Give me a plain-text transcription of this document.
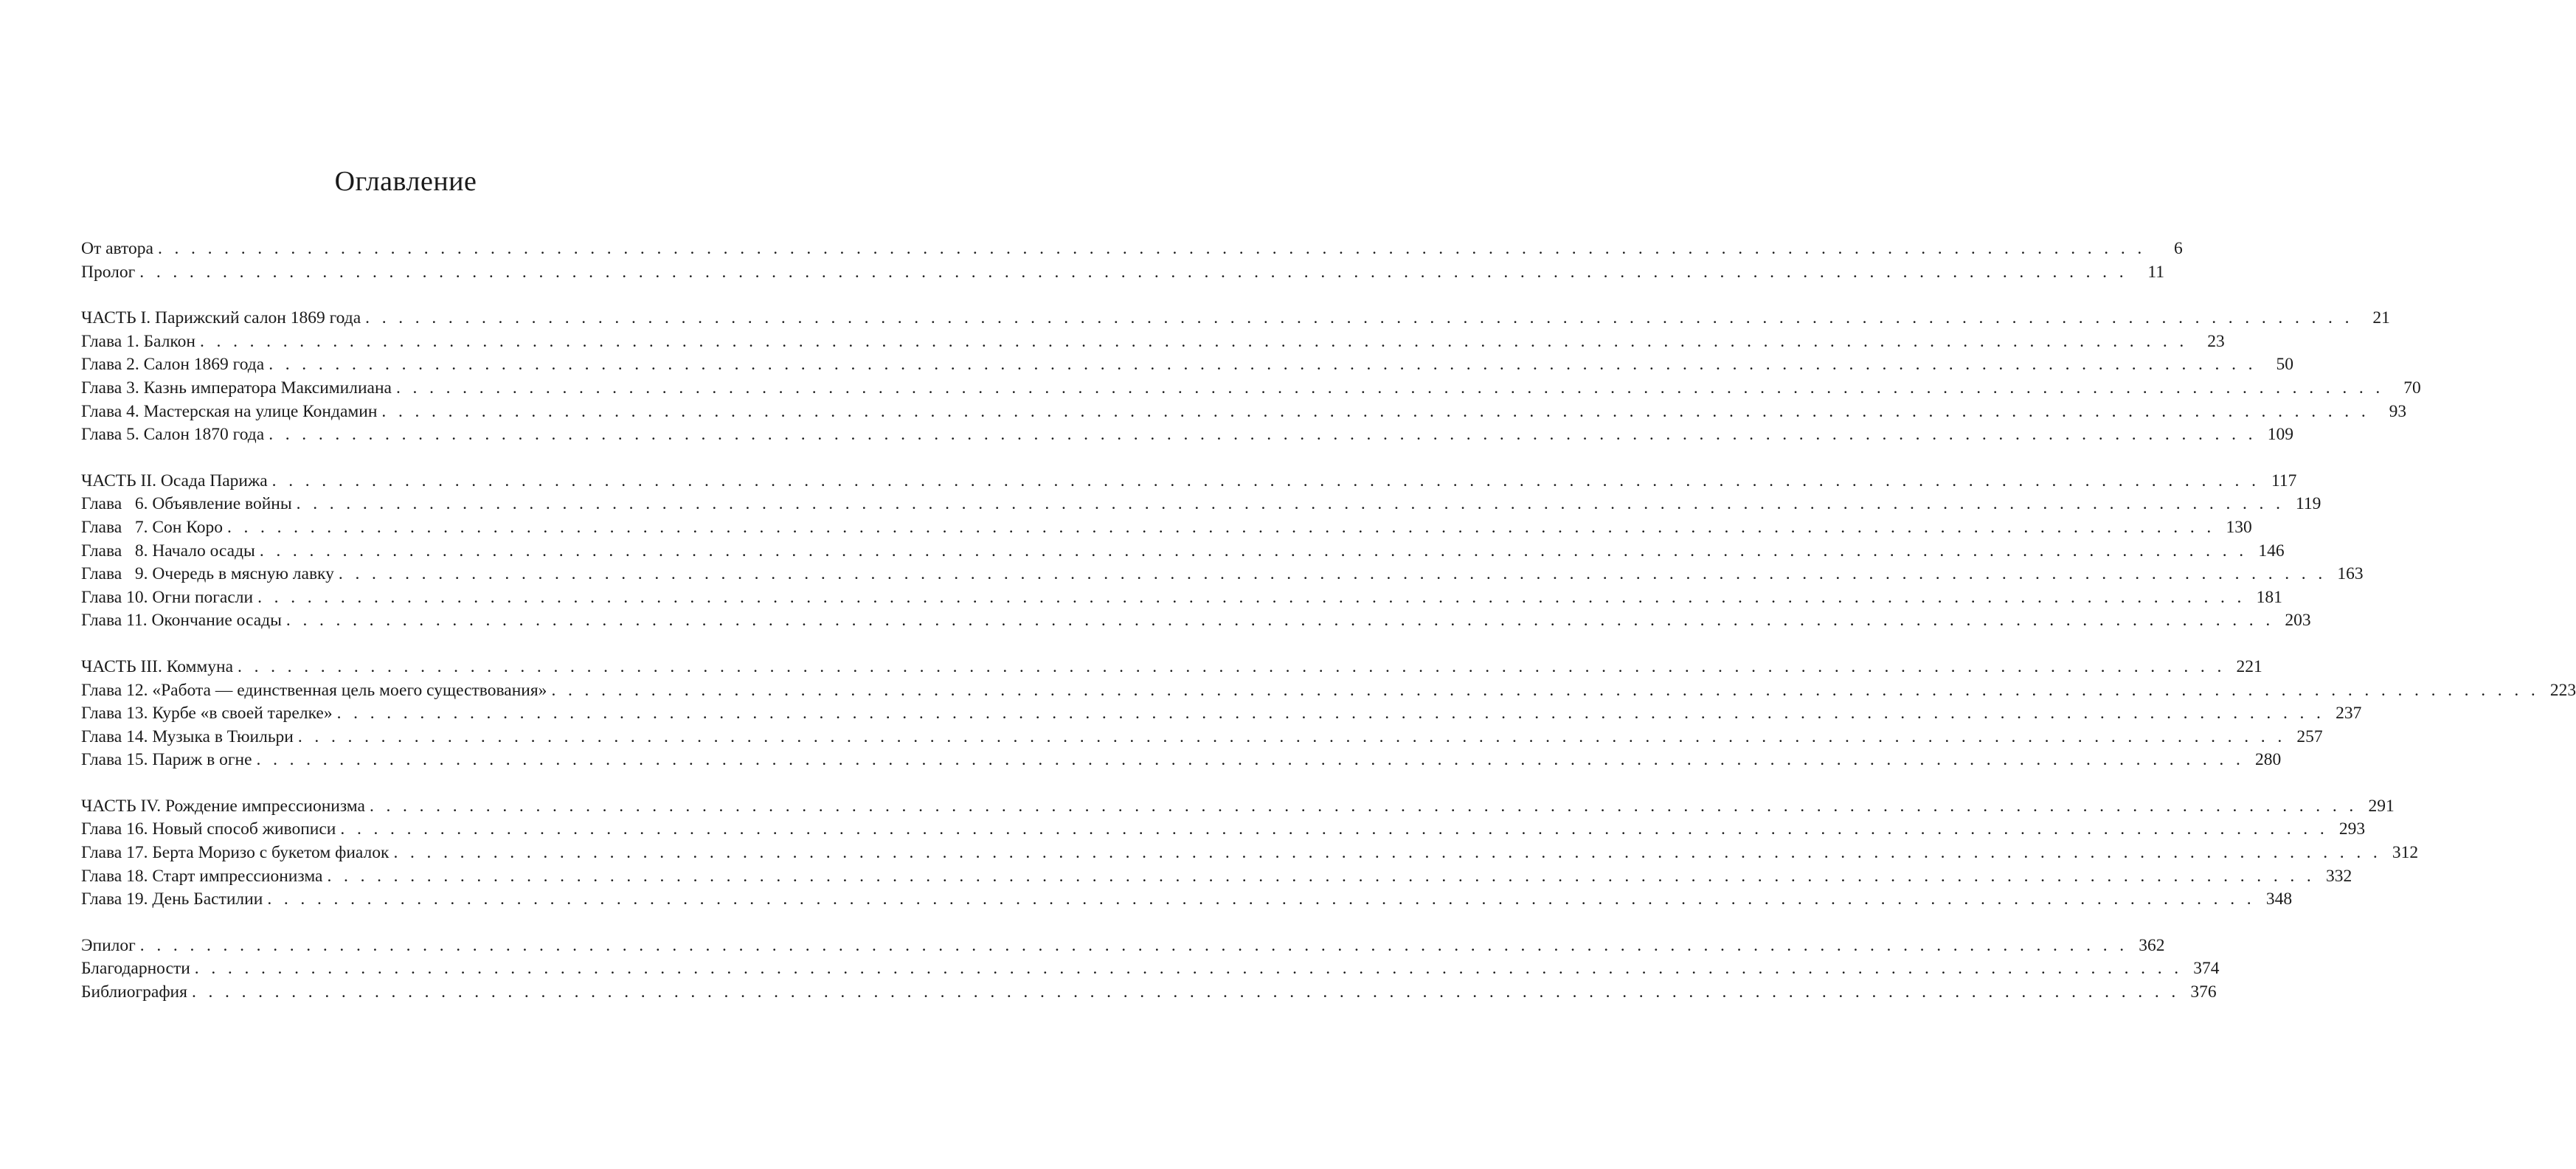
Оглавление
От автора . . . . . . . . . . . . . . . . . . . . . . . . . . . . . . . . . . . . . . . . . . . . . . . . . . . . . . . . . . . . . . . . . . . . . . . . . . . . . . . . . . . . . . . . . . . . . . . . . . . . . . . . . . . . . . . . . . . . . . . .	6
Пролог . . . . . . . . . . . . . . . . . . . . . . . . . . . . . . . . . . . . . . . . . . . . . . . . . . . . . . . . . . . . . . . . . . . . . . . . . . . . . . . . . . . . . . . . . . . . . . . . . . . . . . . . . . . . . . . . . . . . . . . .	11
ЧАСТЬ I. Парижский салон 1869 года . . . . . . . . . . . . . . . . . . . . . . . . . . . . . . . . . . . . . . . . . . . . . . . . . . . . . . . . . . . . . . . . . . . . . . . . . . . . . . . . . . . . . . . . . . . . . . . . . . . . . . . . . . . . . . . . . . . . . . . .	21
Глава 1. Балкон . . . . . . . . . . . . . . . . . . . . . . . . . . . . . . . . . . . . . . . . . . . . . . . . . . . . . . . . . . . . . . . . . . . . . . . . . . . . . . . . . . . . . . . . . . . . . . . . . . . . . . . . . . . . . . . . . . . . . . . .	23
Глава 2. Салон 1869 года . . . . . . . . . . . . . . . . . . . . . . . . . . . . . . . . . . . . . . . . . . . . . . . . . . . . . . . . . . . . . . . . . . . . . . . . . . . . . . . . . . . . . . . . . . . . . . . . . . . . . . . . . . . . . . . . . . . . . . . .	50
Глава 3. Казнь императора Максимилиана . . . . . . . . . . . . . . . . . . . . . . . . . . . . . . . . . . . . . . . . . . . . . . . . . . . . . . . . . . . . . . . . . . . . . . . . . . . . . . . . . . . . . . . . . . . . . . . . . . . . . . . . . . . . . . . . . . . . . . . .	70
Глава 4. Мастерская на улице Кондамин . . . . . . . . . . . . . . . . . . . . . . . . . . . . . . . . . . . . . . . . . . . . . . . . . . . . . . . . . . . . . . . . . . . . . . . . . . . . . . . . . . . . . . . . . . . . . . . . . . . . . . . . . . . . . . . . . . . . . . . .	93
Глава 5. Салон 1870 года . . . . . . . . . . . . . . . . . . . . . . . . . . . . . . . . . . . . . . . . . . . . . . . . . . . . . . . . . . . . . . . . . . . . . . . . . . . . . . . . . . . . . . . . . . . . . . . . . . . . . . . . . . . . . . . . . . . . . . . . 109
ЧАСТЬ II. Осада Парижа . . . . . . . . . . . . . . . . . . . . . . . . . . . . . . . . . . . . . . . . . . . . . . . . . . . . . . . . . . . . . . . . . . . . . . . . . . . . . . . . . . . . . . . . . . . . . . . . . . . . . . . . . . . . . . . . . . . . . . . . 117
Глава   6. Объявление войны . . . . . . . . . . . . . . . . . . . . . . . . . . . . . . . . . . . . . . . . . . . . . . . . . . . . . . . . . . . . . . . . . . . . . . . . . . . . . . . . . . . . . . . . . . . . . . . . . . . . . . . . . . . . . . . . . . . . . . . . 119
Глава   7. Сон Коро . . . . . . . . . . . . . . . . . . . . . . . . . . . . . . . . . . . . . . . . . . . . . . . . . . . . . . . . . . . . . . . . . . . . . . . . . . . . . . . . . . . . . . . . . . . . . . . . . . . . . . . . . . . . . . . . . . . . . . . . 130
Глава   8. Начало осады . . . . . . . . . . . . . . . . . . . . . . . . . . . . . . . . . . . . . . . . . . . . . . . . . . . . . . . . . . . . . . . . . . . . . . . . . . . . . . . . . . . . . . . . . . . . . . . . . . . . . . . . . . . . . . . . . . . . . . . . 146
Глава   9. Очередь в мясную лавку . . . . . . . . . . . . . . . . . . . . . . . . . . . . . . . . . . . . . . . . . . . . . . . . . . . . . . . . . . . . . . . . . . . . . . . . . . . . . . . . . . . . . . . . . . . . . . . . . . . . . . . . . . . . . . . . . . . . . . . . 163
Глава 10. Огни погасли . . . . . . . . . . . . . . . . . . . . . . . . . . . . . . . . . . . . . . . . . . . . . . . . . . . . . . . . . . . . . . . . . . . . . . . . . . . . . . . . . . . . . . . . . . . . . . . . . . . . . . . . . . . . . . . . . . . . . . . . 181
Глава 11. Окончание осады . . . . . . . . . . . . . . . . . . . . . . . . . . . . . . . . . . . . . . . . . . . . . . . . . . . . . . . . . . . . . . . . . . . . . . . . . . . . . . . . . . . . . . . . . . . . . . . . . . . . . . . . . . . . . . . . . . . . . . . . 203
ЧАСТЬ III. Коммуна . . . . . . . . . . . . . . . . . . . . . . . . . . . . . . . . . . . . . . . . . . . . . . . . . . . . . . . . . . . . . . . . . . . . . . . . . . . . . . . . . . . . . . . . . . . . . . . . . . . . . . . . . . . . . . . . . . . . . . . . 221
Глава 12. «Работа — единственная цель моего существования» . . . . . . . . . . . . . . . . . . . . . . . . . . . . . . . . . . . . . . . . . . . . . . . . . . . . . . . . . . . . . . . . . . . . . . . . . . . . . . . . . . . . . . . . . . . . . . . . . . . . . . . . . . . . . . . . . . . . . . . . 223
Глава 13. Курбе «в своей тарелке» . . . . . . . . . . . . . . . . . . . . . . . . . . . . . . . . . . . . . . . . . . . . . . . . . . . . . . . . . . . . . . . . . . . . . . . . . . . . . . . . . . . . . . . . . . . . . . . . . . . . . . . . . . . . . . . . . . . . . . . . 237
Глава 14. Музыка в Тюильри . . . . . . . . . . . . . . . . . . . . . . . . . . . . . . . . . . . . . . . . . . . . . . . . . . . . . . . . . . . . . . . . . . . . . . . . . . . . . . . . . . . . . . . . . . . . . . . . . . . . . . . . . . . . . . . . . . . . . . . . 257
Глава 15. Париж в огне . . . . . . . . . . . . . . . . . . . . . . . . . . . . . . . . . . . . . . . . . . . . . . . . . . . . . . . . . . . . . . . . . . . . . . . . . . . . . . . . . . . . . . . . . . . . . . . . . . . . . . . . . . . . . . . . . . . . . . . . 280
ЧАСТЬ IV. Рождение импрессионизма . . . . . . . . . . . . . . . . . . . . . . . . . . . . . . . . . . . . . . . . . . . . . . . . . . . . . . . . . . . . . . . . . . . . . . . . . . . . . . . . . . . . . . . . . . . . . . . . . . . . . . . . . . . . . . . . . . . . . . . . 291
Глава 16. Новый способ живописи . . . . . . . . . . . . . . . . . . . . . . . . . . . . . . . . . . . . . . . . . . . . . . . . . . . . . . . . . . . . . . . . . . . . . . . . . . . . . . . . . . . . . . . . . . . . . . . . . . . . . . . . . . . . . . . . . . . . . . . . 293
Глава 17. Берта Моризо с букетом фиалок . . . . . . . . . . . . . . . . . . . . . . . . . . . . . . . . . . . . . . . . . . . . . . . . . . . . . . . . . . . . . . . . . . . . . . . . . . . . . . . . . . . . . . . . . . . . . . . . . . . . . . . . . . . . . . . . . . . . . . . . 312
Глава 18. Старт импрессионизма . . . . . . . . . . . . . . . . . . . . . . . . . . . . . . . . . . . . . . . . . . . . . . . . . . . . . . . . . . . . . . . . . . . . . . . . . . . . . . . . . . . . . . . . . . . . . . . . . . . . . . . . . . . . . . . . . . . . . . . . 332
Глава 19. День Бастилии . . . . . . . . . . . . . . . . . . . . . . . . . . . . . . . . . . . . . . . . . . . . . . . . . . . . . . . . . . . . . . . . . . . . . . . . . . . . . . . . . . . . . . . . . . . . . . . . . . . . . . . . . . . . . . . . . . . . . . . . 348
Эпилог . . . . . . . . . . . . . . . . . . . . . . . . . . . . . . . . . . . . . . . . . . . . . . . . . . . . . . . . . . . . . . . . . . . . . . . . . . . . . . . . . . . . . . . . . . . . . . . . . . . . . . . . . . . . . . . . . . . . . . . . 362
Благодарности . . . . . . . . . . . . . . . . . . . . . . . . . . . . . . . . . . . . . . . . . . . . . . . . . . . . . . . . . . . . . . . . . . . . . . . . . . . . . . . . . . . . . . . . . . . . . . . . . . . . . . . . . . . . . . . . . . . . . . . . 374
Библиография . . . . . . . . . . . . . . . . . . . . . . . . . . . . . . . . . . . . . . . . . . . . . . . . . . . . . . . . . . . . . . . . . . . . . . . . . . . . . . . . . . . . . . . . . . . . . . . . . . . . . . . . . . . . . . . . . . . . . . . . 376
